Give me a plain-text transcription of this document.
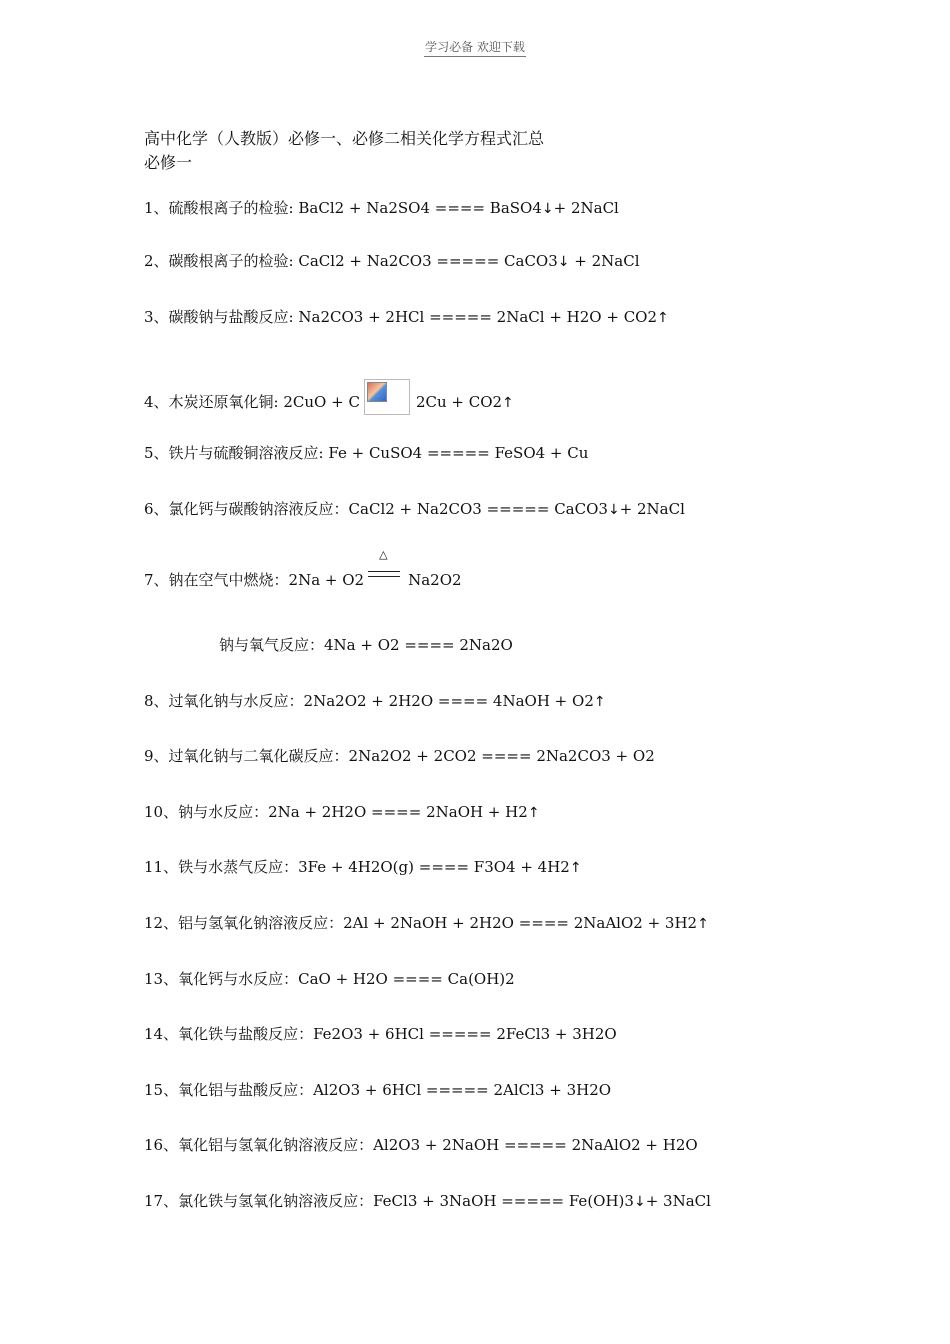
学习必备 欢迎下载
高中化学（人教版）必修一、必修二相关化学方程式汇总
必修一
1、硫酸根离子的检验: BaCl2 + Na2SO4 ==== BaSO4↓+ 2NaCl
2、碳酸根离子的检验: CaCl2 + Na2CO3 ===== CaCO3↓ + 2NaCl
3、碳酸钠与盐酸反应: Na2CO3 + 2HCl ===== 2NaCl + H2O + CO2↑
4、木炭还原氧化铜: 2CuO + C	2Cu + CO2↑
5、铁片与硫酸铜溶液反应: Fe + CuSO4 ===== FeSO4 + Cu
6、氯化钙与碳酸钠溶液反应：CaCl2 + Na2CO3 ===== CaCO3↓+ 2NaCl
7、钠在空气中燃烧：2Na + O2
△
Na2O2
钠与氧气反应：4Na + O2 ==== 2Na2O
8、过氧化钠与水反应：2Na2O2 + 2H2O ==== 4NaOH + O2↑
9、过氧化钠与二氧化碳反应：2Na2O2 + 2CO2 ==== 2Na2CO3 + O2
10、钠与水反应：2Na + 2H2O ==== 2NaOH + H2↑
11、铁与水蒸气反应：3Fe + 4H2O(g) ==== F3O4 + 4H2↑
12、铝与氢氧化钠溶液反应：2Al + 2NaOH + 2H2O ==== 2NaAlO2 + 3H2↑
13、氧化钙与水反应：CaO + H2O ==== Ca(OH)2
14、氧化铁与盐酸反应：Fe2O3 + 6HCl ===== 2FeCl3 + 3H2O
15、氧化铝与盐酸反应：Al2O3 + 6HCl ===== 2AlCl3 + 3H2O
16、氧化铝与氢氧化钠溶液反应：Al2O3 + 2NaOH ===== 2NaAlO2 + H2O
17、氯化铁与氢氧化钠溶液反应：FeCl3 + 3NaOH ===== Fe(OH)3↓+ 3NaCl
